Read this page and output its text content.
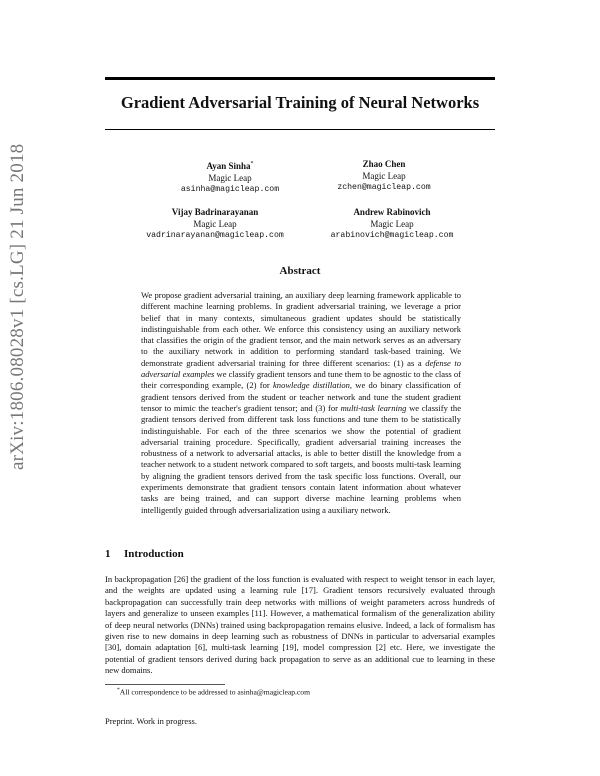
arXiv:1806.08028v1 [cs.LG] 21 Jun 2018
Gradient Adversarial Training of Neural Networks
Ayan Sinha*
Magic Leap
asinha@magicleap.com
Zhao Chen
Magic Leap
zchen@magicleap.com
Vijay Badrinarayanan
Magic Leap
vadrinarayanan@magicleap.com
Andrew Rabinovich
Magic Leap
arabinovich@magicleap.com
Abstract

We propose gradient adversarial training, an auxiliary deep learning framework applicable to different machine learning problems. In gradient adversarial training, we leverage a prior belief that in many contexts, simultaneous gradient updates should be statistically indistinguishable from each other. We enforce this consistency using an auxiliary network that classifies the origin of the gradient tensor, and the main network serves as an adversary to the auxiliary network in addition to performing standard task-based training. We demonstrate gradient adversarial training for three different scenarios: (1) as a defense to adversarial examples we classify gradient tensors and tune them to be agnostic to the class of their corresponding example, (2) for knowledge distillation, we do binary classification of gradient tensors derived from the student or teacher network and tune the student gradient tensor to mimic the teacher's gradient tensor; and (3) for multi-task learning we classify the gradient tensors derived from different task loss functions and tune them to be statistically indistinguishable. For each of the three scenarios we show the potential of gradient adversarial training procedure. Specifically, gradient adversarial training increases the robustness of a network to adversarial attacks, is able to better distill the knowledge from a teacher network to a student network compared to soft targets, and boosts multi-task learning by aligning the gradient tensors derived from the task specific loss functions. Overall, our experiments demonstrate that gradient tensors contain latent information about whatever tasks are being trained, and can support diverse machine learning problems when intelligently guided through adversarialization using a auxiliary network.

1 Introduction

In backpropagation [26] the gradient of the loss function is evaluated with respect to weight tensor in each layer, and the weights are updated using a learning rule [17]. Gradient tensors recursively evaluated through backpropagation can successfully train deep networks with millions of weight parameters across hundreds of layers and generalize to unseen examples [11]. However, a mathematical formalism of the generalization ability of deep neural networks (DNNs) trained using backpropagation remains elusive. Indeed, a lack of formalism has given rise to new domains in deep learning such as robustness of DNNs in particular to adversarial examples [30], domain adaptation [6], multi-task learning [19], model compression [2] etc. Here, we investigate the potential of gradient tensors derived during back propagation to serve as an additional cue to learning in these new domains.

*All correspondence to be addressed to asinha@magicleap.com
Preprint. Work in progress.
